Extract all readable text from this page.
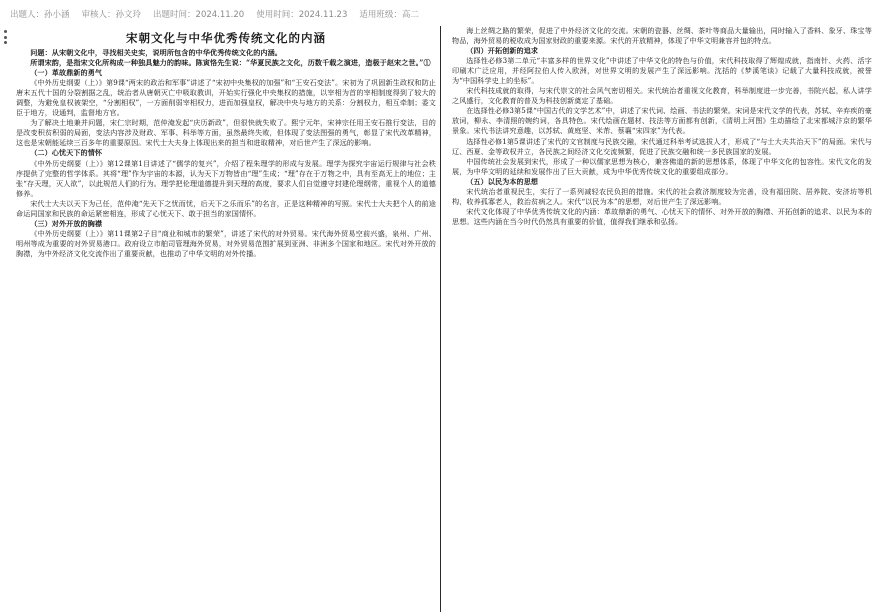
出题人：孙小涵 审核人：孙文玲 出题时间：2024.11.20 使用时间：2024.11.23 适用班级：高二
宋朝文化与中华优秀传统文化的内涵
问题：从宋朝文化中，寻找相关史实，说明所包含的中华优秀传统文化的内涵。
所谓宋韵，是指宋文化所构成一种独具魅力的韵味。陈寅恪先生说：“华夏民族之文化，历数千载之演进，造极于赵宋之世。”①
（一）革故鼎新的勇气
《中外历史纲要（上）》第9课“两宋的政治和军事”讲述了“宋初中央集权的加强”和“王安石变法”。宋初为了巩固新生政权和防止唐末五代十国的分裂割据之乱，统治者从唐朝灭亡中吸取教训，开始实行强化中央集权的措施，以宰相为首的宰相制度得到了较大的调整，为避免皇权被架空，“分割相权”，一方面削弱宰相权力，进而加强皇权，解决中央与地方的关系：分割权力，相互牵制；委文臣于地方，设通判，监督地方官。
为了解决土地兼并问题，宋仁宗时期，范仲淹发起“庆历新政”，但很快就失败了。熙宁元年，宋神宗任用王安石推行变法，目的是改变积贫积弱的局面，变法内容涉及财政、军事、科举等方面，虽然最终失败，但体现了变法图强的勇气，彰显了宋代改革精神，这也是宋朝能延续三百多年的重要原因。宋代士大夫身上体现出来的担当和进取精神，对后世产生了深远的影响。
（二）心忧天下的情怀
《中外历史纲要（上）》第12课第1目讲述了“儒学的复兴”，介绍了程朱理学的形成与发展。理学为探究宇宙运行规律与社会秩序提供了完整的哲学体系。其将“理”作为宇宙的本源，认为天下万物皆由“理”生成；“理”存在于万物之中，具有至高无上的地位；主张“存天理，灭人欲”，以此规范人们的行为。理学把伦理道德提升到天理的高度，要求人们自觉遵守封建伦理纲常，重视个人的道德修养。
宋代士大夫以天下为己任，范仲淹“先天下之忧而忧，后天下之乐而乐”的名言，正是这种精神的写照。宋代士大夫把个人的前途命运同国家和民族的命运紧密相连，形成了心忧天下、敢于担当的家国情怀。
（三）对外开放的胸襟
《中外历史纲要（上）》第11课第2子目“商业和城市的繁荣”，讲述了宋代的对外贸易。宋代海外贸易空前兴盛，泉州、广州、明州等成为重要的对外贸易港口。政府设立市舶司管理海外贸易，对外贸易范围扩展到亚洲、非洲多个国家和地区。宋代对外开放的胸襟，为中外经济文化交流作出了重要贡献，也推动了中华文明的对外传播。
海上丝绸之路的繁荣，促进了中外经济文化的交流。宋朝的瓷器、丝绸、茶叶等商品大量输出，同时输入了香料、象牙、珠宝等物品，海外贸易的税收成为国家财政的重要来源。宋代的开放精神，体现了中华文明兼容并包的特点。
（四）开拓创新的追求
选择性必修3第二单元“丰富多样的世界文化”中讲述了中华文化的特色与价值，宋代科技取得了辉煌成就，指南针、火药、活字印刷术广泛应用，并经阿拉伯人传入欧洲，对世界文明的发展产生了深远影响。沈括的《梦溪笔谈》记载了大量科技成就，被誉为“中国科学史上的坐标”。
宋代科技成就的取得，与宋代崇文的社会风气密切相关。宋代统治者重视文化教育，科举制度进一步完善，书院兴起，私人讲学之风盛行，文化教育的普及为科技创新奠定了基础。
在选择性必修3第5课“中国古代的文学艺术”中，讲述了宋代词、绘画、书法的繁荣。宋词是宋代文学的代表，苏轼、辛弃疾的豪放词，柳永、李清照的婉约词，各具特色。宋代绘画在题材、技法等方面都有创新，《清明上河图》生动描绘了北宋都城汴京的繁华景象。宋代书法讲究意趣，以苏轼、黄庭坚、米芾、蔡襄“宋四家”为代表。
选择性必修1第5课讲述了宋代的文官制度与民族交融，宋代通过科举考试选拔人才，形成了“与士大夫共治天下”的局面。宋代与辽、西夏、金等政权并立，各民族之间经济文化交流频繁，促进了民族交融和统一多民族国家的发展。
中国传统社会发展到宋代，形成了一种以儒家思想为核心，兼容佛道的新的思想体系，体现了中华文化的包容性。宋代文化的发展，为中华文明的延续和发展作出了巨大贡献，成为中华优秀传统文化的重要组成部分。
（五）以民为本的思想
宋代统治者重视民生，实行了一系列减轻农民负担的措施。宋代的社会救济制度较为完善，设有福田院、居养院、安济坊等机构，收养孤寡老人，救治贫病之人。宋代“以民为本”的思想，对后世产生了深远影响。
宋代文化体现了中华优秀传统文化的内涵：革故鼎新的勇气、心忧天下的情怀、对外开放的胸襟、开拓创新的追求、以民为本的思想。这些内涵在当今时代仍然具有重要的价值，值得我们继承和弘扬。
